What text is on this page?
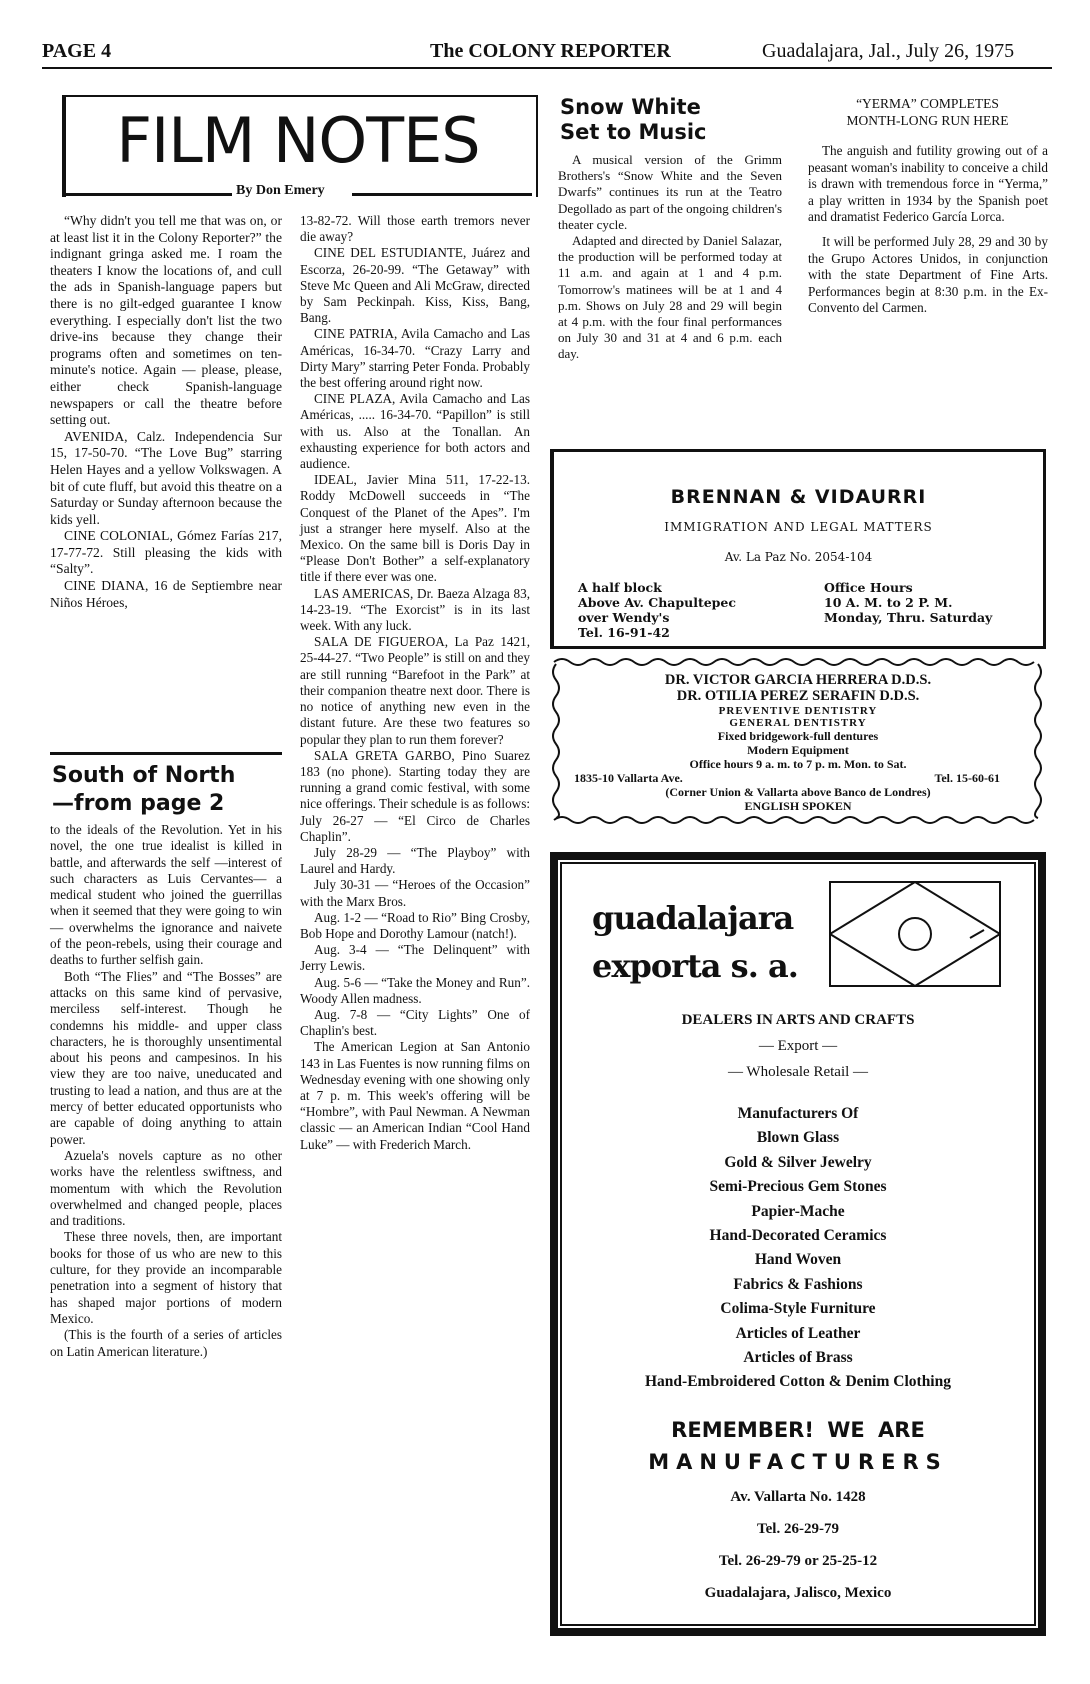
PAGE 4	The COLONY REPORTER	Guadalajara, Jal., July 26, 1975
FILM NOTES
By Don Emery

“Why didn't you tell me that was on, or at least list it in the Colony Reporter?” the indignant gringa asked me. I roam the theaters I know the locations of, and cull the ads in Spanish-language papers but there is no gilt-edged guarantee I know everything. I especially don't list the two drive-ins because they change their programs often and sometimes on ten-minute's notice. Again — please, please, either check Spanish-language newspapers or call the theatre before setting out.

AVENIDA, Calz. Independencia Sur 15, 17-50-70. “The Love Bug” starring Helen Hayes and a yellow Volkswagen. A bit of cute fluff, but avoid this theatre on a Saturday or Sunday afternoon because the kids yell.

CINE COLONIAL, Gómez Farías 217, 17-77-72. Still pleasing the kids with “Salty”.

CINE DIANA, 16 de Septiembre near Niños Héroes,

13-82-72. Will those earth tremors never die away?

CINE DEL ESTUDIANTE, Juárez and Escorza, 26-20-99. “The Getaway” with Steve Mc Queen and Ali McGraw, directed by Sam Peckinpah. Kiss, Kiss, Bang, Bang.

CINE PATRIA, Avila Camacho and Las Américas, 16-34-70. “Crazy Larry and Dirty Mary” starring Peter Fonda. Probably the best offering around right now.

CINE PLAZA, Avila Camacho and Las Américas, ..... 16-34-70. “Papillon” is still with us. Also at the Tonallan. An exhausting experience for both actors and audience.

IDEAL, Javier Mina 511, 17-22-13. Roddy McDowell succeeds in “The Conquest of the Planet of the Apes”. I'm just a stranger here myself. Also at the Mexico. On the same bill is Doris Day in “Please Don't Bother” a self-explanatory title if there ever was one.

LAS AMERICAS, Dr. Baeza Alzaga 83, 14-23-19. “The Exorcist” is in its last week. With any luck.

SALA DE FIGUEROA, La Paz 1421, 25-44-27. “Two People” is still on and they are still running “Barefoot in the Park” at their companion theatre next door. There is no notice of anything new even in the distant future. Are these two features so popular they plan to run them forever?

SALA GRETA GARBO, Pino Suarez 183 (no phone). Starting today they are running a grand comic festival, with some nice offerings. Their schedule is as follows: July 26-27 — “El Circo de Charles Chaplin”.

July 28-29 — “The Playboy” with Laurel and Hardy.

July 30-31 — “Heroes of the Occasion” with the Marx Bros.

Aug. 1-2 — “Road to Rio” Bing Crosby, Bob Hope and Dorothy Lamour (natch!).

Aug. 3-4 — “The Delinquent” with Jerry Lewis.

Aug. 5-6 — “Take the Money and Run”. Woody Allen madness.

Aug. 7-8 — “City Lights” One of Chaplin's best.

The American Legion at San Antonio 143 in Las Fuentes is now running films on Wednesday evening with one showing only at 7 p. m. This week's offering will be “Hombre”, with Paul Newman. A Newman classic — an American Indian “Cool Hand Luke” — with Frederich March.

South of North
—from page 2

to the ideals of the Revolution. Yet in his novel, the one true idealist is killed in battle, and afterwards the self —interest of such characters as Luis Cervantes— a medical student who joined the guerrillas when it seemed that they were going to win— overwhelms the ignorance and naivete of the peon-rebels, using their courage and deaths to further selfish gain.

Both “The Flies” and “The Bosses” are attacks on this same kind of pervasive, merciless self-interest. Though he condemns his middle- and upper class characters, he is thoroughly unsentimental about his peons and campesinos. In his view they are too naive, uneducated and trusting to lead a nation, and thus are at the mercy of better educated opportunists who are capable of doing anything to attain power.

Azuela's novels capture as no other works have the relentless swiftness, and momentum with which the Revolution overwhelmed and changed people, places and traditions.

These three novels, then, are important books for those of us who are new to this culture, for they provide an incomparable penetration into a segment of history that has shaped major portions of modern Mexico.

(This is the fourth of a series of articles on Latin American literature.)

Snow White
Set to Music

A musical version of the Grimm Brothers's “Snow White and the Seven Dwarfs” continues its run at the Teatro Degollado as part of the ongoing children's theater cycle.

Adapted and directed by Daniel Salazar, the production will be performed today at 11 a.m. and again at 1 and 4 p.m. Tomorrow's matinees will be at 1 and 4 p.m. Shows on July 28 and 29 will begin at 4 p.m. with the four final performances on July 30 and 31 at 4 and 6 p.m. each day.

“YERMA” COMPLETES
MONTH-LONG RUN HERE

The anguish and futility growing out of a peasant woman's inability to conceive a child is drawn with tremendous force in “Yerma,” a play written in 1934 by the Spanish poet and dramatist Federico García Lorca.

It will be performed July 28, 29 and 30 by the Grupo Actores Unidos, in conjunction with the state Department of Fine Arts. Performances begin at 8:30 p.m. in the Ex-Convento del Carmen.

BRENNAN & VIDAURRI
IMMIGRATION AND LEGAL MATTERS
Av. La Paz No. 2054-104

A half block

Above Av. Chapultepec

over Wendy's

Tel. 16-91-42

Office Hours

10 A. M. to 2 P. M.

Monday, Thru. Saturday

DR. VICTOR GARCIA HERRERA D.D.S.

DR. OTILIA PEREZ SERAFIN D.D.S.

PREVENTIVE DENTISTRY

GENERAL DENTISTRY

Fixed bridgework-full dentures

Modern Equipment

Office hours 9 a. m. to 7 p. m. Mon. to Sat.

1835-10 Vallarta Ave.	Tel. 15-60-61

(Corner Union & Vallarta above Banco de Londres)

ENGLISH SPOKEN

guadalajara
exporta s. a.

DEALERS IN ARTS AND CRAFTS

— Export —

— Wholesale Retail —

Manufacturers Of

Blown Glass

Gold & Silver Jewelry

Semi-Precious Gem Stones

Papier-Mache

Hand-Decorated Ceramics

Hand Woven

Fabrics & Fashions

Colima-Style Furniture

Articles of Leather

Articles of Brass

Hand-Embroidered Cotton & Denim Clothing

REMEMBER! WE ARE

MANUFACTURERS

Av. Vallarta No. 1428

Tel. 26-29-79

Tel. 26-29-79 or 25-25-12

Guadalajara, Jalisco, Mexico
